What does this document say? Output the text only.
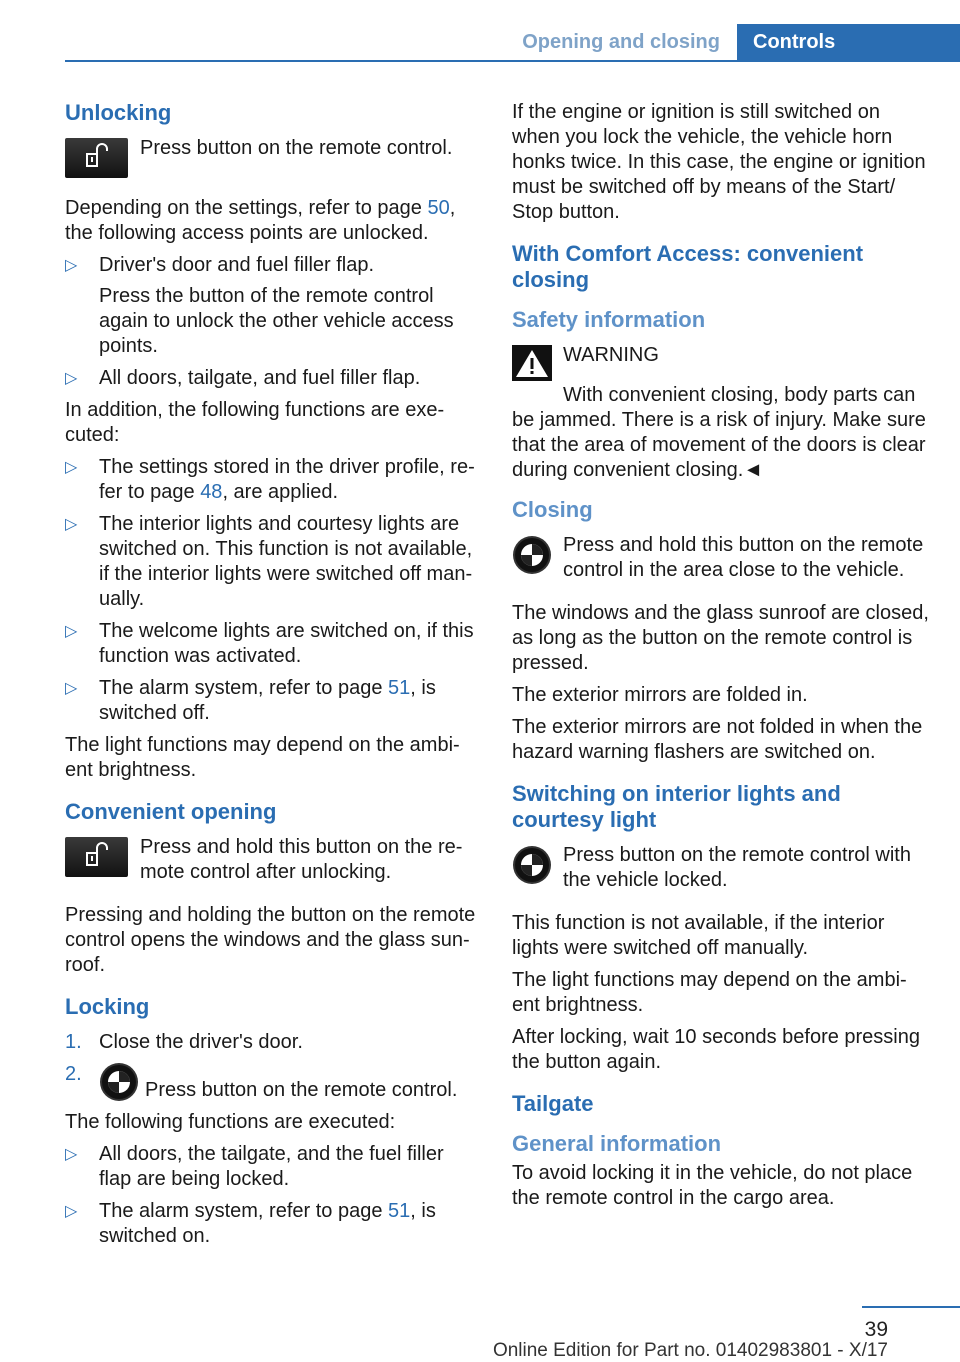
Opening and closing	Controls
Unlocking
Press button on the remote control.

Depending on the settings, refer to page 50, the following access points are unlocked.

▷ Driver's door and fuel filler flap.
Press the button of the remote control again to unlock the other vehicle access points.
▷ All doors, tailgate, and fuel filler flap.

In addition, the following functions are exe‐ cuted:

▷ The settings stored in the driver profile, re‐ fer to page 48, are applied.
▷ The interior lights and courtesy lights are switched on. This function is not available, if the interior lights were switched off man‐ ually.
▷ The welcome lights are switched on, if this function was activated.
▷ The alarm system, refer to page 51, is switched off.

The light functions may depend on the ambi‐ ent brightness.

Convenient opening
Press and hold this button on the re‐ mote control after unlocking.

Pressing and holding the button on the remote control opens the windows and the glass sun‐ roof.

Locking
1. Close the driver's door.
2.
Press button on the remote control.

The following functions are executed:

▷ All doors, the tailgate, and the fuel filler flap are being locked.
▷ The alarm system, refer to page 51, is switched on.

If the engine or ignition is still switched on when you lock the vehicle, the vehicle horn honks twice. In this case, the engine or ignition must be switched off by means of the Start/ Stop button.

With Comfort Access: convenient closing
Safety information
WARNING

With convenient closing, body parts can be jammed. There is a risk of injury. Make sure that the area of movement of the doors is clear during convenient closing.◄

Closing
Press and hold this button on the remote control in the area close to the vehicle.

The windows and the glass sunroof are closed, as long as the button on the remote control is pressed.

The exterior mirrors are folded in.

The exterior mirrors are not folded in when the hazard warning flashers are switched on.

Switching on interior lights and courtesy light
Press button on the remote control with the vehicle locked.

This function is not available, if the interior lights were switched off manually.

The light functions may depend on the ambi‐ ent brightness.

After locking, wait 10 seconds before pressing the button again.

Tailgate
General information

To avoid locking it in the vehicle, do not place the remote control in the cargo area.

39
Online Edition for Part no. 01402983801 - X/17
